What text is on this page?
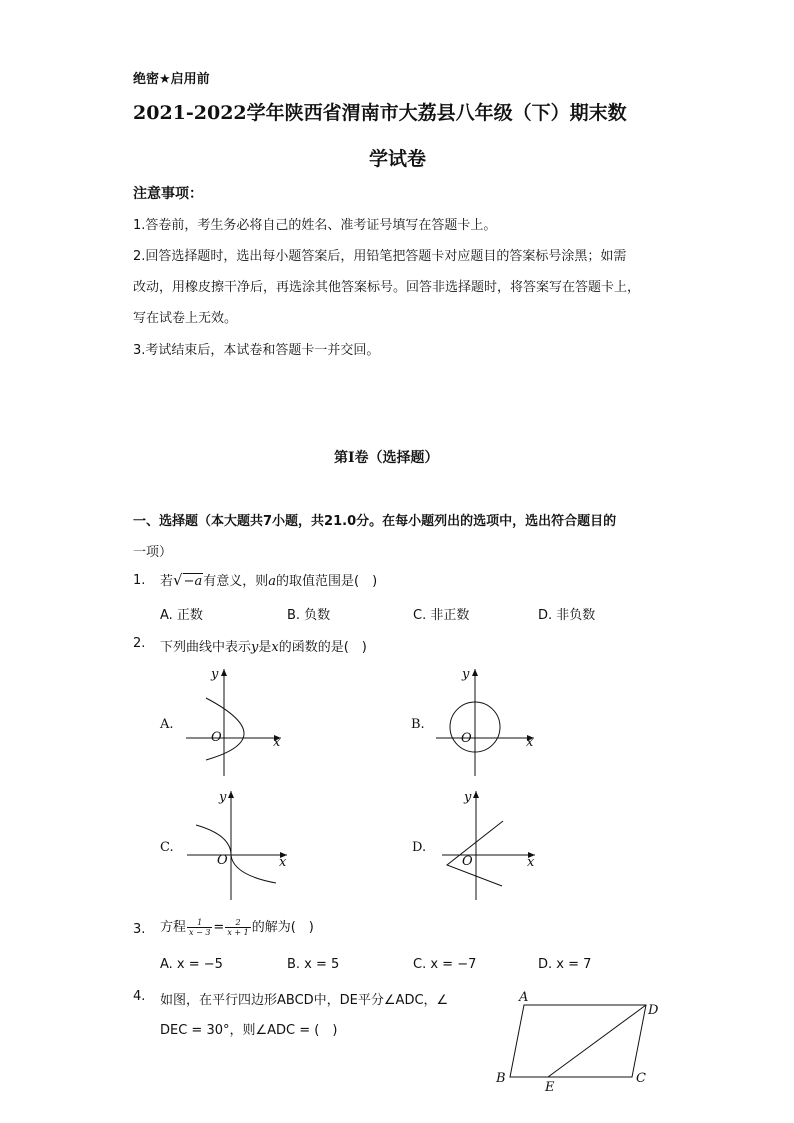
绝密★启用前
2021-2022学年陕西省渭南市大荔县八年级（下）期末数
学试卷
注意事项：
1.答卷前，考生务必将自己的姓名、准考证号填写在答题卡上。
2.回答选择题时，选出每小题答案后，用铅笔把答题卡对应题目的答案标号涂黑；如需
改动，用橡皮擦干净后，再选涂其他答案标号。回答非选择题时，将答案写在答题卡上，
写在试卷上无效。
3.考试结束后，本试卷和答题卡一并交回。
第I卷（选择题）
一、选择题（本大题共7小题，共21.0分。在每小题列出的选项中，选出符合题目的
一项）
1. 若√−a有意义，则a的取值范围是(　)
A. 正数	B. 负数	C. 非正数	D. 非负数
2. 下列曲线中表示y是x的函数的是(　)
A.
y
x
O
B.
y
x
O
C.
y
x
O
D.
y
x
O
A
D
B	C
E
3. 方程 $\frac{1}{x - 3} = \frac{2}{x + 1}$ 的解为(　)
A. x = −5	B. x = 5	C. x = −7	D. x = 7
4. 如图，在平行四边形ABCD中，DE平分∠ADC，∠
DEC = 30°，则∠ADC = (　)
